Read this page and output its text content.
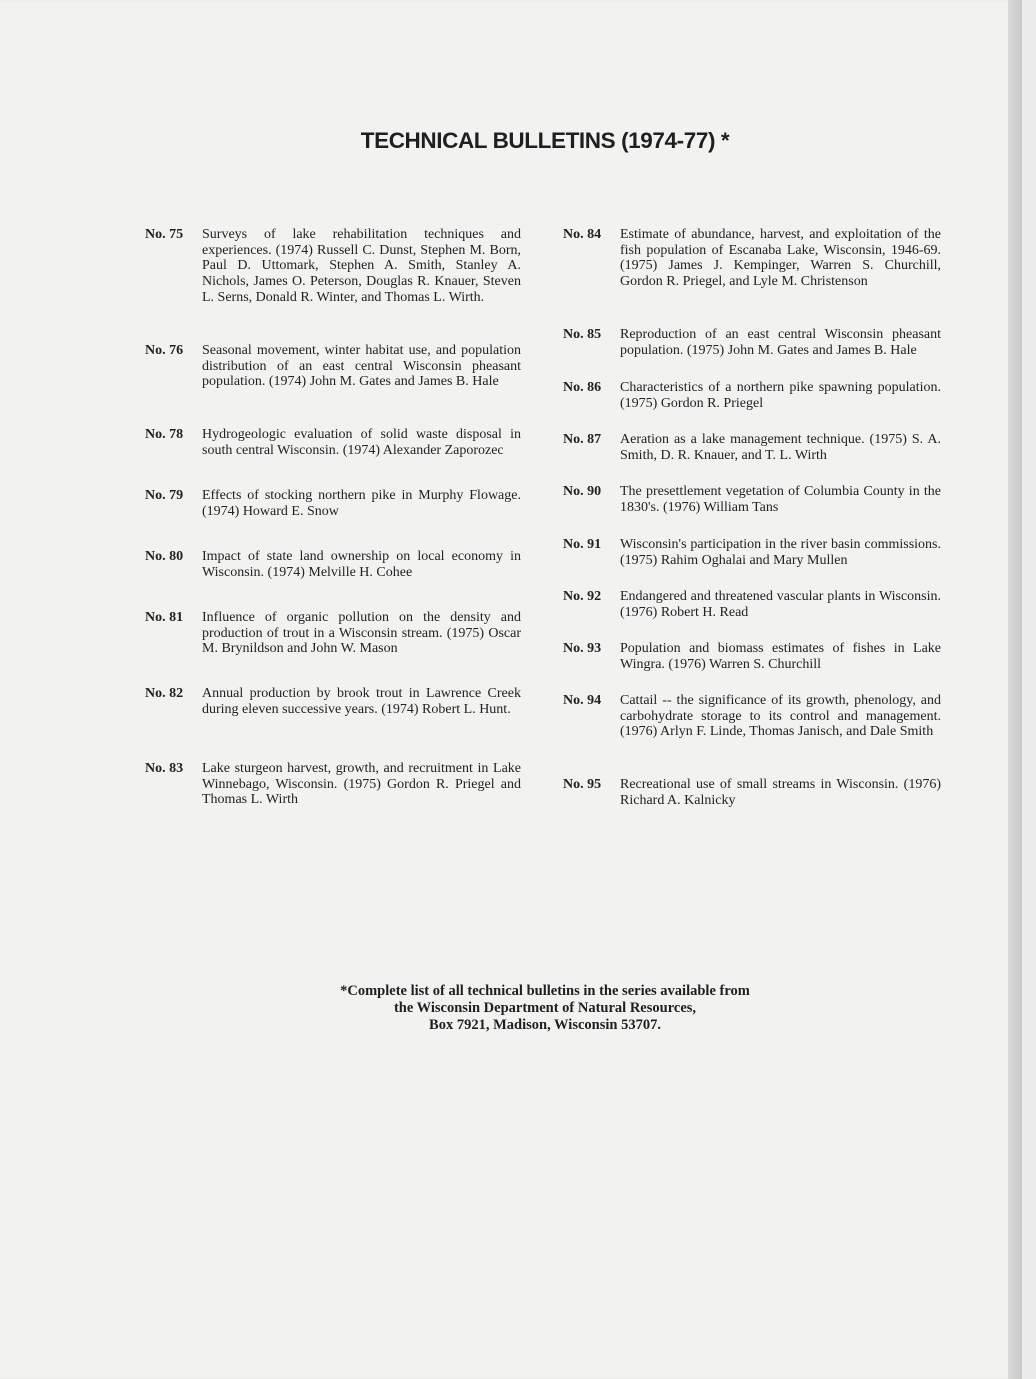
TECHNICAL BULLETINS (1974-77) *
No. 75 Surveys of lake rehabilitation techniques and experiences. (1974) Russell C. Dunst, Stephen M. Born, Paul D. Uttomark, Stephen A. Smith, Stanley A. Nichols, James O. Peterson, Douglas R. Knauer, Steven L. Serns, Donald R. Winter, and Thomas L. Wirth.
No. 76 Seasonal movement, winter habitat use, and population distribution of an east central Wisconsin pheasant population. (1974) John M. Gates and James B. Hale
No. 78 Hydrogeologic evaluation of solid waste disposal in south central Wisconsin. (1974) Alexander Zaporozec
No. 79 Effects of stocking northern pike in Murphy Flowage. (1974) Howard E. Snow
No. 80 Impact of state land ownership on local economy in Wisconsin. (1974) Melville H. Cohee
No. 81 Influence of organic pollution on the density and production of trout in a Wisconsin stream. (1975) Oscar M. Brynildson and John W. Mason
No. 82 Annual production by brook trout in Lawrence Creek during eleven successive years. (1974) Robert L. Hunt.
No. 83 Lake sturgeon harvest, growth, and recruitment in Lake Winnebago, Wisconsin. (1975) Gordon R. Priegel and Thomas L. Wirth
No. 84 Estimate of abundance, harvest, and exploitation of the fish population of Escanaba Lake, Wisconsin, 1946-69. (1975) James J. Kempinger, Warren S. Churchill, Gordon R. Priegel, and Lyle M. Christenson
No. 85 Reproduction of an east central Wisconsin pheasant population. (1975) John M. Gates and James B. Hale
No. 86 Characteristics of a northern pike spawning population. (1975) Gordon R. Priegel
No. 87 Aeration as a lake management technique. (1975) S. A. Smith, D. R. Knauer, and T. L. Wirth
No. 90 The presettlement vegetation of Columbia County in the 1830's. (1976) William Tans
No. 91 Wisconsin's participation in the river basin commissions. (1975) Rahim Oghalai and Mary Mullen
No. 92 Endangered and threatened vascular plants in Wisconsin. (1976) Robert H. Read
No. 93 Population and biomass estimates of fishes in Lake Wingra. (1976) Warren S. Churchill
No. 94 Cattail -- the significance of its growth, phenology, and carbohydrate storage to its control and management. (1976) Arlyn F. Linde, Thomas Janisch, and Dale Smith
No. 95 Recreational use of small streams in Wisconsin. (1976) Richard A. Kalnicky
*Complete list of all technical bulletins in the series available from
the Wisconsin Department of Natural Resources,
Box 7921, Madison, Wisconsin 53707.
